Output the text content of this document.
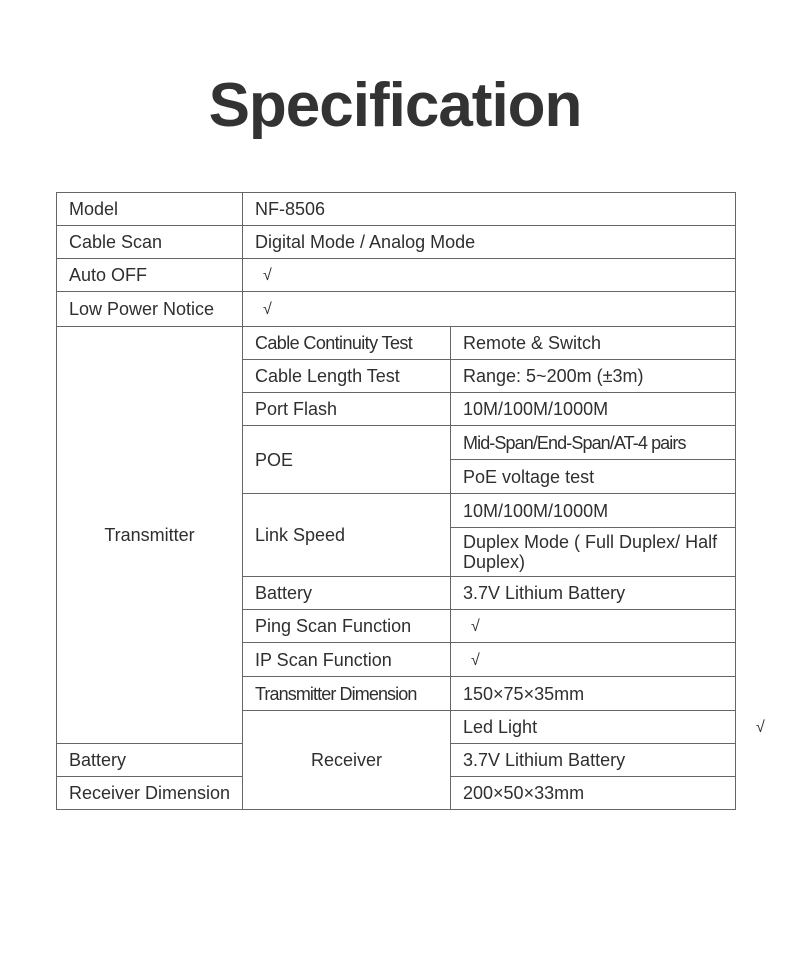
Specification
Model	NF-8506		
Cable Scan	Digital Mode / Analog Mode		
Auto OFF	√		
Low Power Notice	√		
Transmitter	Cable Continuity Test	Remote & Switch	
	Cable Length Test	Range: 5~200m (±3m)	
	Port Flash	10M/100M/1000M	
	POE	Mid-Span/End-Span/AT-4 pairs	
		PoE voltage test	
	Link Speed	10M/100M/1000M	
		Duplex Mode ( Full Duplex/ Half Duplex)	
	Battery	3.7V Lithium Battery	
	Ping Scan Function	√	
	IP Scan Function	√	
	Transmitter Dimension	150×75×35mm	
	Receiver	Led Light	√
Battery		3.7V Lithium Battery	
Receiver Dimension		200×50×33mm	
